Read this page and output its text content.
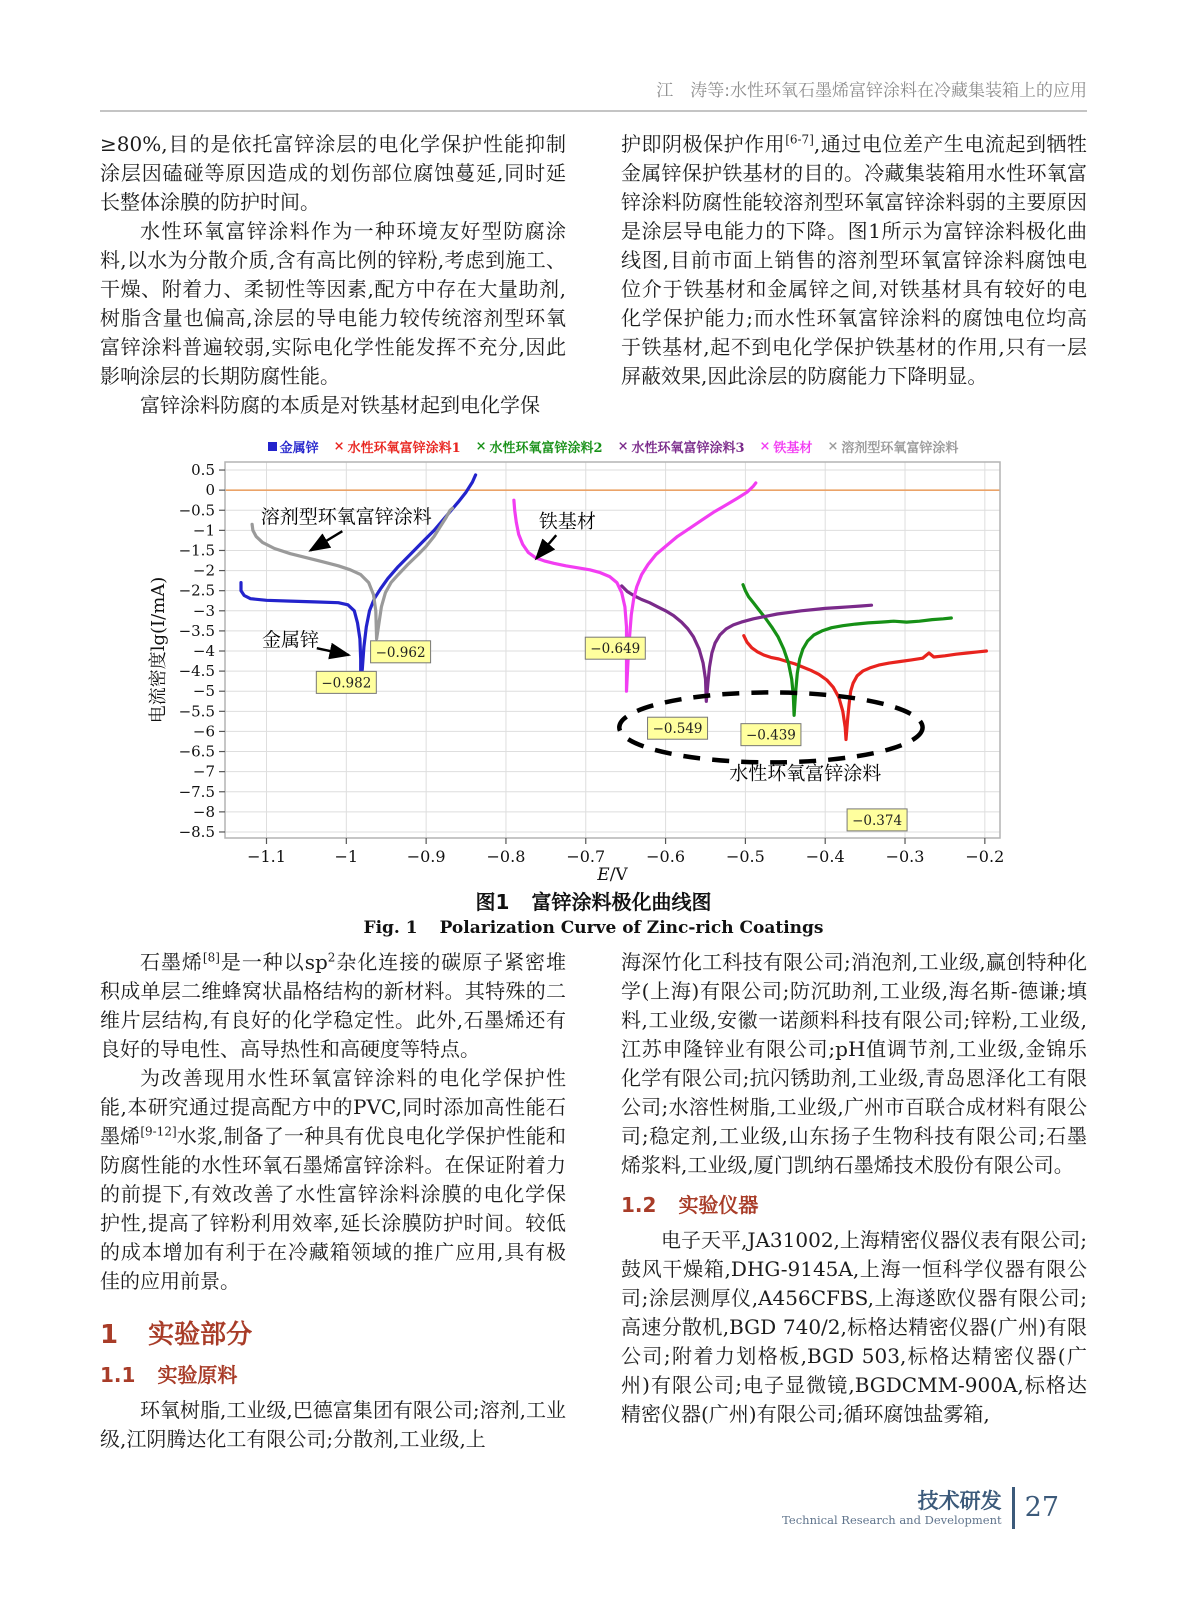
江　涛等:水性环氧石墨烯富锌涂料在冷藏集装箱上的应用

≥80%,目的是依托富锌涂层的电化学保护性能抑制涂层因磕碰等原因造成的划伤部位腐蚀蔓延,同时延长整体涂膜的防护时间。

水性环氧富锌涂料作为一种环境友好型防腐涂料,以水为分散介质,含有高比例的锌粉,考虑到施工、干燥、附着力、柔韧性等因素,配方中存在大量助剂,树脂含量也偏高,涂层的导电能力较传统溶剂型环氧富锌涂料普遍较弱,实际电化学性能发挥不充分,因此影响涂层的长期防腐性能。

富锌涂料防腐的本质是对铁基材起到电化学保

护即阴极保护作用[6-7],通过电位差产生电流起到牺牲金属锌保护铁基材的目的。冷藏集装箱用水性环氧富锌涂料防腐性能较溶剂型环氧富锌涂料弱的主要原因是涂层导电能力的下降。图1所示为富锌涂料极化曲线图,目前市面上销售的溶剂型环氧富锌涂料腐蚀电位介于铁基材和金属锌之间,对铁基材具有较好的电化学保护能力;而水性环氧富锌涂料的腐蚀电位均高于铁基材,起不到电化学保护铁基材的作用,只有一层屏蔽效果,因此涂层的防腐能力下降明显。

金属锌 × 水性环氧富锌涂料1 × 水性环氧富锌涂料2 × 水性环氧富锌涂料3 × 铁基材 × 溶剂型环氧富锌涂料
0.5
0
−0.5
−1
−1.5
−2
−2.5
−3
−3.5
−4
−4.5
−5
−5.5
−6
−6.5
−7
−7.5
−8
−8.5
−1.1	−1	−0.9	−0.8	−0.7	−0.6	−0.5	−0.4	−0.3	−0.2
溶剂型环氧富锌涂料	铁基材
金属锌
水性环氧富锌涂料
−0.982
−0.962	−0.649
−0.549	−0.439
−0.374
E/V
电流密度lg(I/mA)
图1 富锌涂料极化曲线图
Fig. 1 Polarization Curve of Zinc-rich Coatings

石墨烯[8]是一种以$sp^2$杂化连接的碳原子紧密堆积成单层二维蜂窝状晶格结构的新材料。其特殊的二维片层结构,有良好的化学稳定性。此外,石墨烯还有良好的导电性、高导热性和高硬度等特点。

为改善现用水性环氧富锌涂料的电化学保护性能,本研究通过提高配方中的PVC,同时添加高性能石墨烯[9-12]水浆,制备了一种具有优良电化学保护性能和防腐性能的水性环氧石墨烯富锌涂料。在保证附着力的前提下,有效改善了水性富锌涂料涂膜的电化学保护性,提高了锌粉利用效率,延长涂膜防护时间。较低的成本增加有利于在冷藏箱领域的推广应用,具有极佳的应用前景。

1 实验部分
1.1 实验原料

环氧树脂,工业级,巴德富集团有限公司;溶剂,工业级,江阴腾达化工有限公司;分散剂,工业级,上

海深竹化工科技有限公司;消泡剂,工业级,赢创特种化学(上海)有限公司;防沉助剂,工业级,海名斯-德谦;填料,工业级,安徽一诺颜料科技有限公司;锌粉,工业级,江苏申隆锌业有限公司;pH值调节剂,工业级,金锦乐化学有限公司;抗闪锈助剂,工业级,青岛恩泽化工有限公司;水溶性树脂,工业级,广州市百联合成材料有限公司;稳定剂,工业级,山东扬子生物科技有限公司;石墨烯浆料,工业级,厦门凯纳石墨烯技术股份有限公司。

1.2 实验仪器

电子天平,JA31002,上海精密仪器仪表有限公司;鼓风干燥箱,DHG-9145A,上海一恒科学仪器有限公司;涂层测厚仪,A456CFBS,上海遂欧仪器有限公司;高速分散机,BGD 740/2,标格达精密仪器(广州)有限公司;附着力划格板,BGD 503,标格达精密仪器(广州)有限公司;电子显微镜,BGDCMM-900A,标格达精密仪器(广州)有限公司;循环腐蚀盐雾箱,

技术研发
Technical Research and Development 27
